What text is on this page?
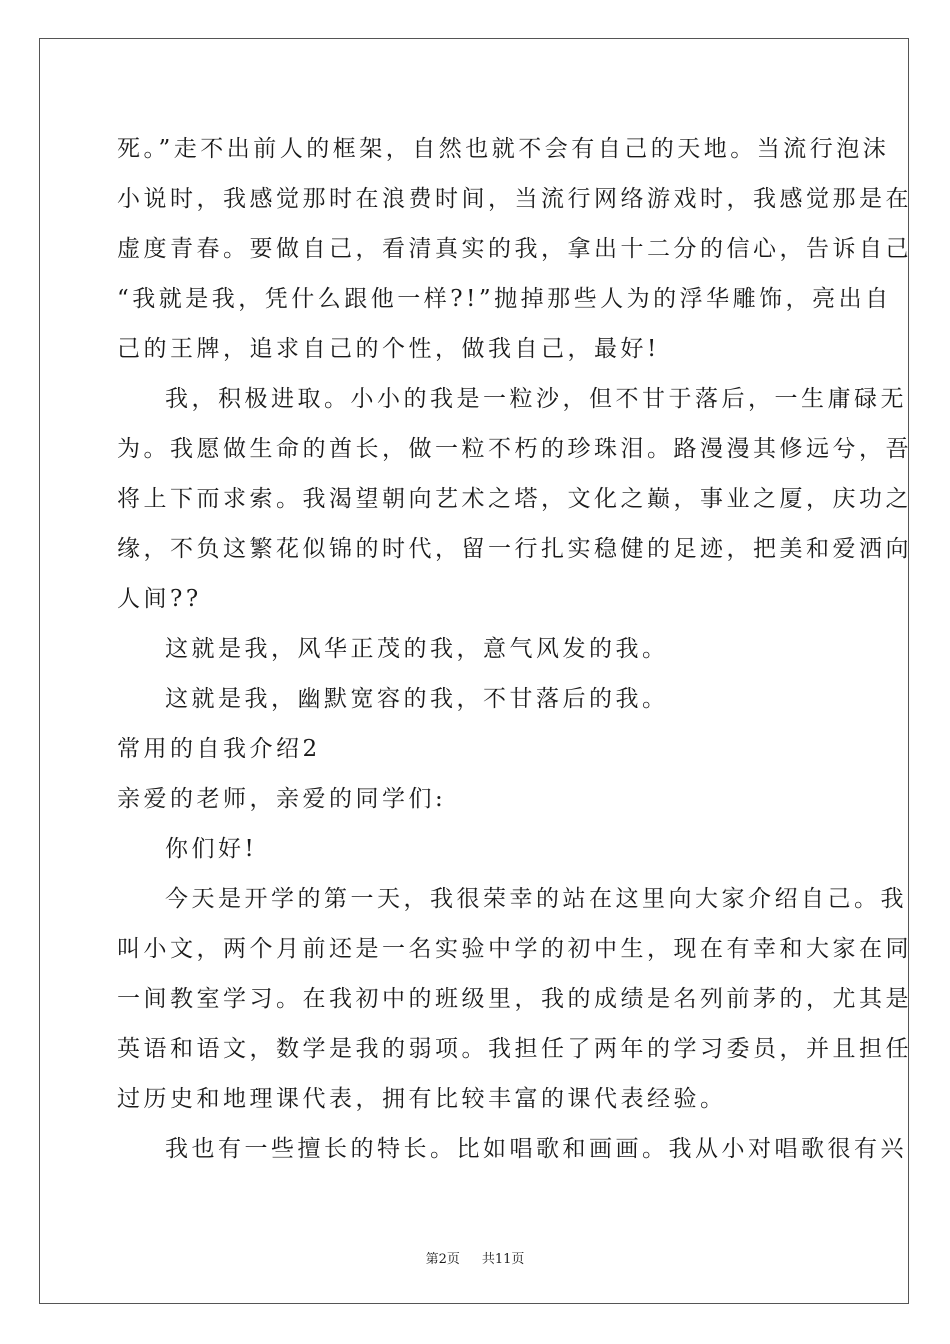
死。”走不出前人的框架，自然也就不会有自己的天地。当流行泡沫
小说时，我感觉那时在浪费时间，当流行网络游戏时，我感觉那是在
虚度青春。要做自己，看清真实的我，拿出十二分的信心，告诉自己
“我就是我，凭什么跟他一样?!”抛掉那些人为的浮华雕饰，亮出自
己的王牌，追求自己的个性，做我自己，最好!
我，积极进取。小小的我是一粒沙，但不甘于落后，一生庸碌无
为。我愿做生命的酋长，做一粒不朽的珍珠泪。路漫漫其修远兮，吾
将上下而求索。我渴望朝向艺术之塔，文化之巅，事业之厦，庆功之
缘，不负这繁花似锦的时代，留一行扎实稳健的足迹，把美和爱洒向
人间??
这就是我，风华正茂的我，意气风发的我。
这就是我，幽默宽容的我，不甘落后的我。
常用的自我介绍2
亲爱的老师，亲爱的同学们:
你们好!
今天是开学的第一天，我很荣幸的站在这里向大家介绍自己。我
叫小文，两个月前还是一名实验中学的初中生，现在有幸和大家在同
一间教室学习。在我初中的班级里，我的成绩是名列前茅的，尤其是
英语和语文，数学是我的弱项。我担任了两年的学习委员，并且担任
过历史和地理课代表，拥有比较丰富的课代表经验。
我也有一些擅长的特长。比如唱歌和画画。我从小对唱歌很有兴
第2页 共11页
